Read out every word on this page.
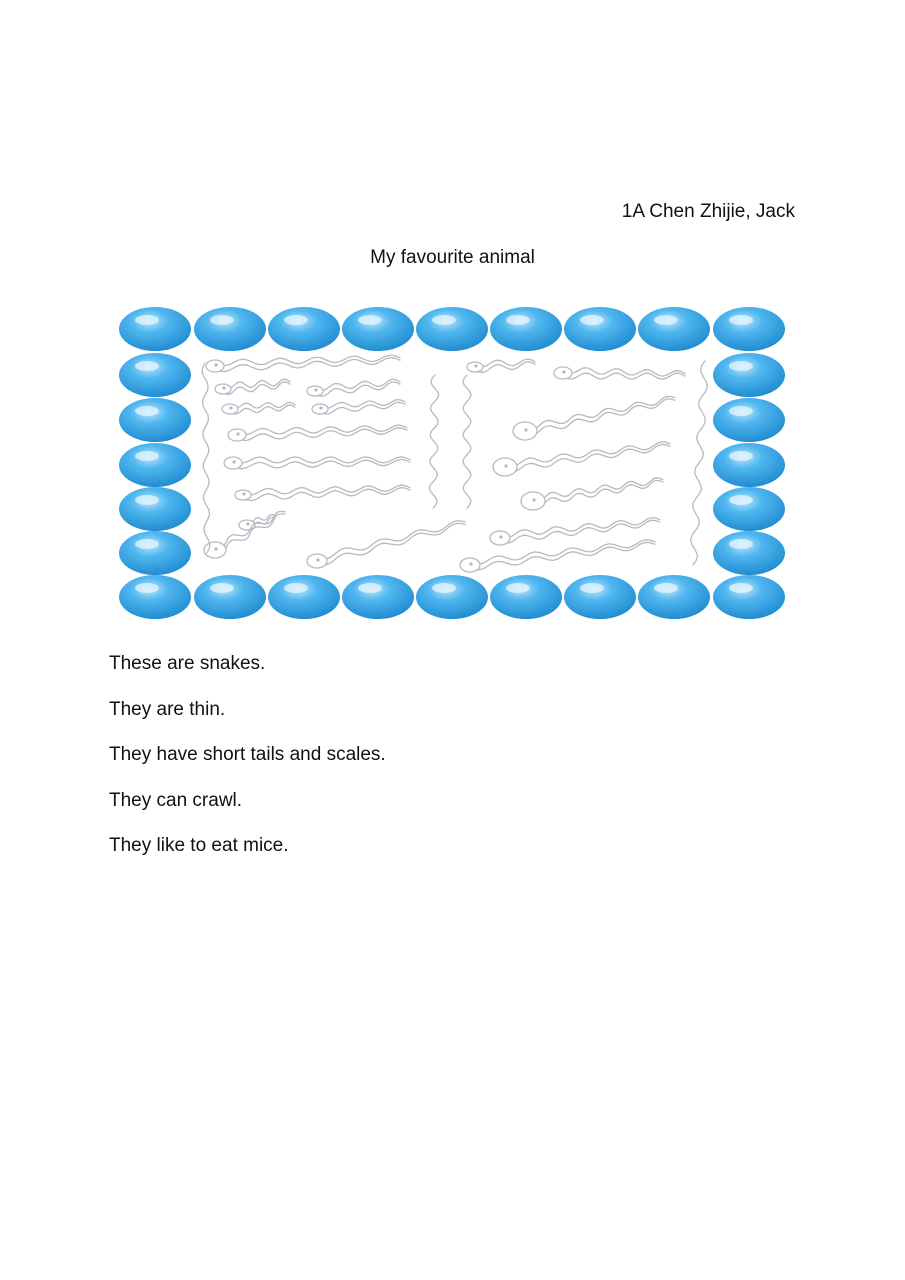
1A Chen Zhijie, Jack
My favourite animal

These are snakes.

They are thin.

They have short tails and scales.

They can crawl.

They like to eat mice.
